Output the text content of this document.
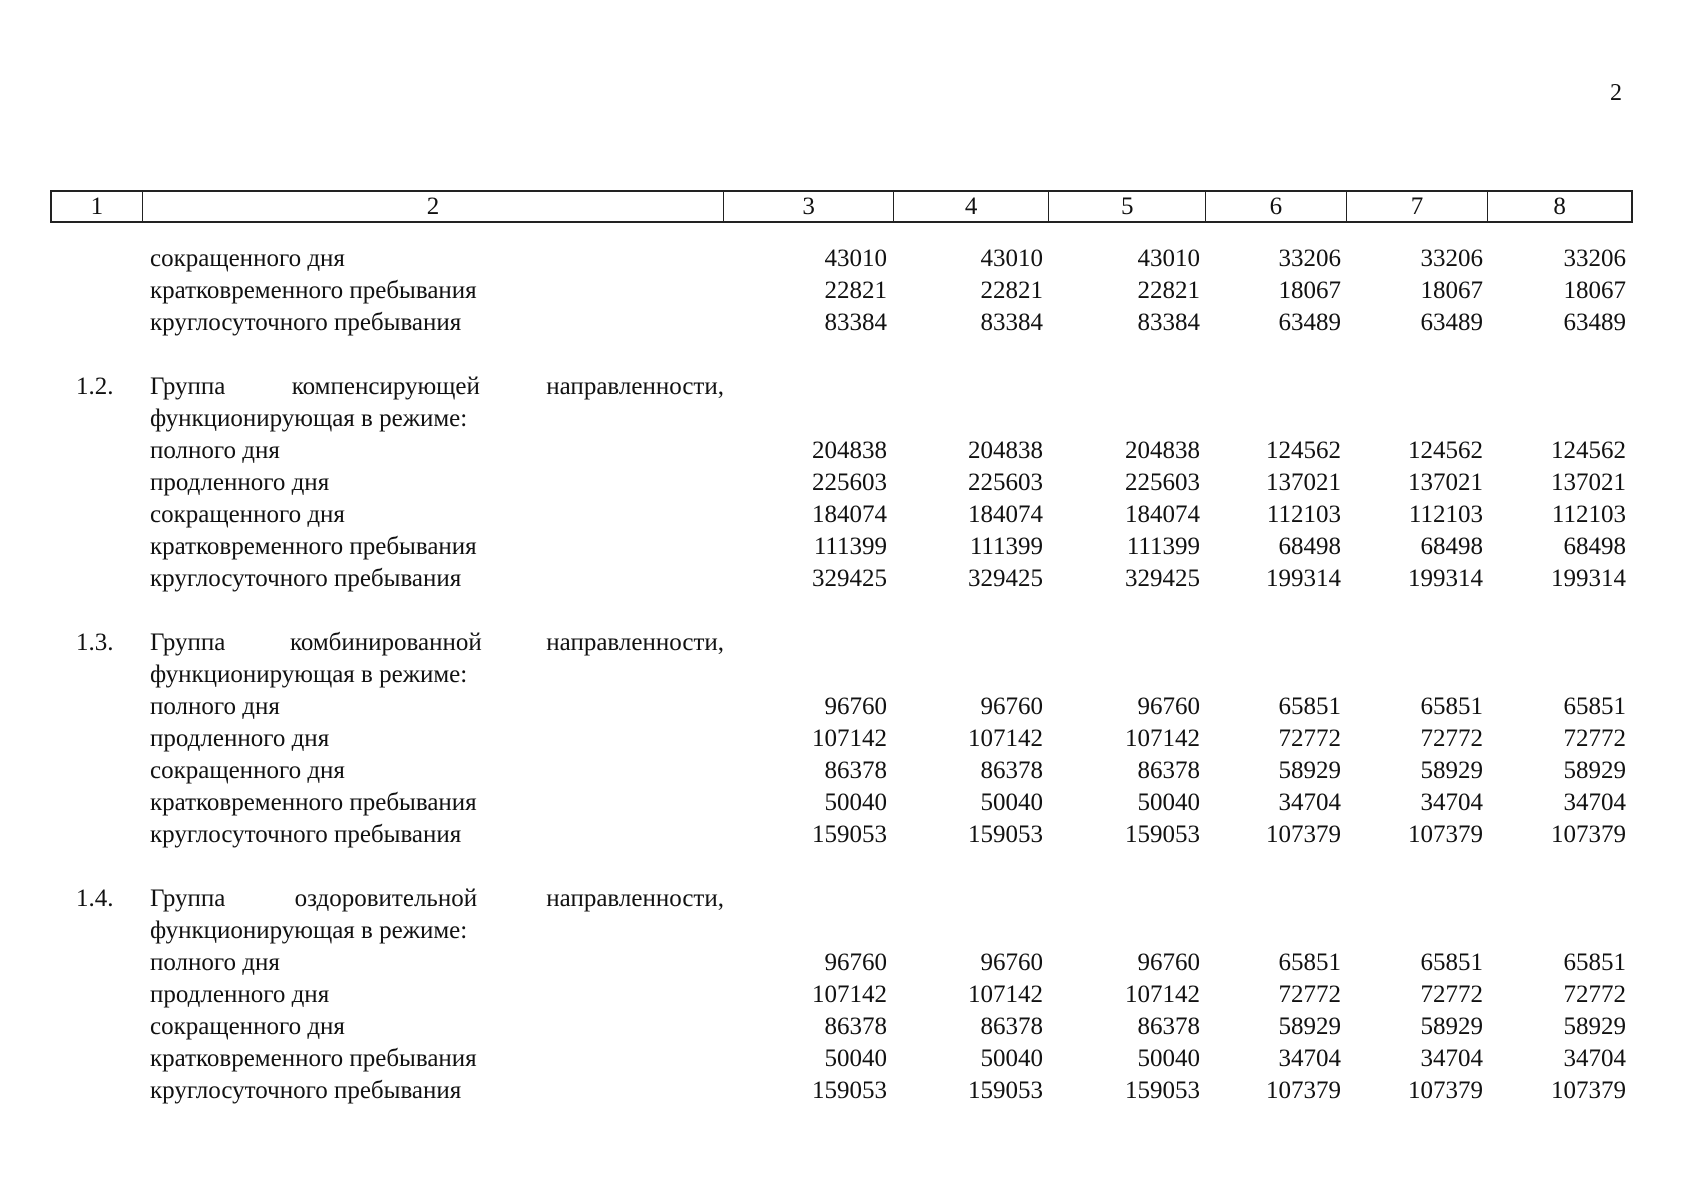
2
1	2	3	4	5	6	7	8
сокращенного дня	43010	43010	43010	33206	33206	33206
кратковременного пребывания	22821	22821	22821	18067	18067	18067
круглосуточного пребывания	83384	83384	83384	63489	63489	63489
1.2. Группа компенсирующей направленности,
функционирующая в режиме:
полного дня	204838	204838	204838	124562	124562	124562
продленного дня	225603	225603	225603	137021	137021	137021
сокращенного дня	184074	184074	184074	112103	112103	112103
кратковременного пребывания	111399	111399	111399	68498	68498	68498
круглосуточного пребывания	329425	329425	329425	199314	199314	199314
1.3. Группа комбинированной направленности,
функционирующая в режиме:
полного дня	96760	96760	96760	65851	65851	65851
продленного дня	107142	107142	107142	72772	72772	72772
сокращенного дня	86378	86378	86378	58929	58929	58929
кратковременного пребывания	50040	50040	50040	34704	34704	34704
круглосуточного пребывания	159053	159053	159053	107379	107379	107379
1.4. Группа оздоровительной направленности,
функционирующая в режиме:
полного дня	96760	96760	96760	65851	65851	65851
продленного дня	107142	107142	107142	72772	72772	72772
сокращенного дня	86378	86378	86378	58929	58929	58929
кратковременного пребывания	50040	50040	50040	34704	34704	34704
круглосуточного пребывания	159053	159053	159053	107379	107379	107379
